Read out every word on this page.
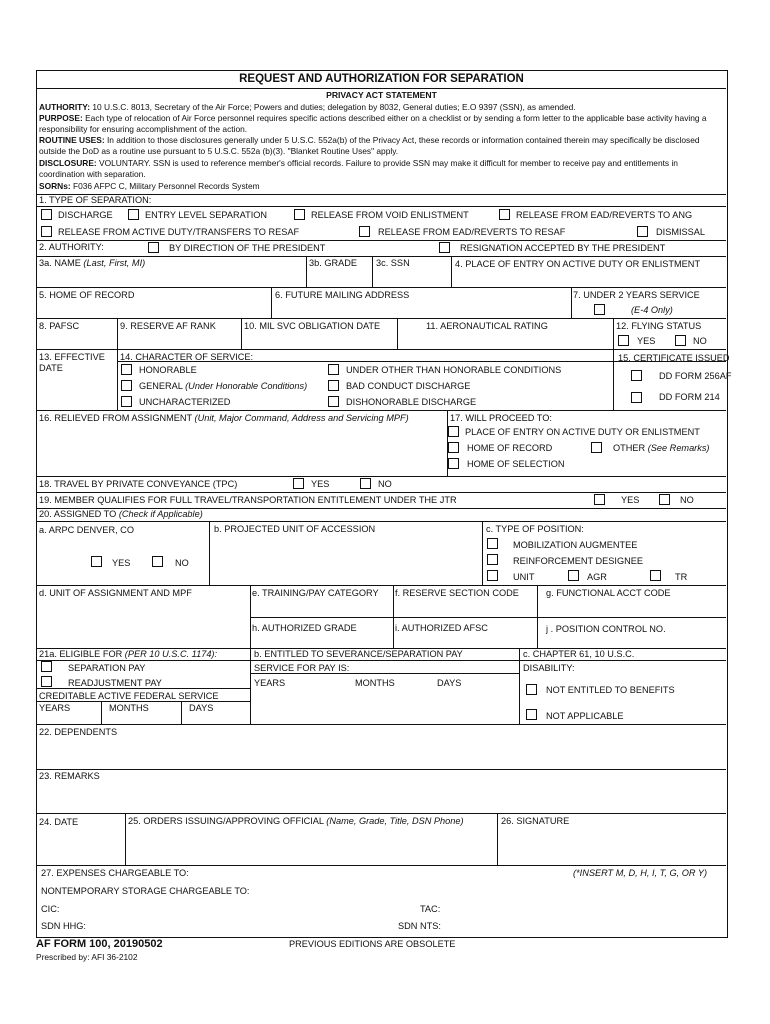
REQUEST AND AUTHORIZATION FOR SEPARATION
PRIVACY ACT STATEMENT
AUTHORITY: 10 U.S.C. 8013, Secretary of the Air Force; Powers and duties; delegation by 8032, General duties; E.O 9397 (SSN), as amended.
PURPOSE: Each type of relocation of Air Force personnel requires specific actions described either on a checklist or by sending a form letter to the applicable base activity having a responsibility for ensuring accomplishment of the action.
ROUTINE USES: In addition to those disclosures generally under 5 U.S.C. 552a(b) of the Privacy Act, these records or information contained therein may specifically be disclosed outside the DoD as a routine use pursuant to 5 U.S.C. 552a (b)(3). "Blanket Routine Uses" apply.
DISCLOSURE: VOLUNTARY. SSN is used to reference member's official records. Failure to provide SSN may make it difficult for member to receive pay and entitlements in coordination with separation.
SORNs: F036 AFPC C, Military Personnel Records System
1. TYPE OF SEPARATION:
DISCHARGE	ENTRY LEVEL SEPARATION	RELEASE FROM VOID ENLISTMENT	RELEASE FROM EAD/REVERTS TO ANG
RELEASE FROM ACTIVE DUTY/TRANSFERS TO RESAF	RELEASE FROM EAD/REVERTS TO RESAF	DISMISSAL
2. AUTHORITY:	BY DIRECTION OF THE PRESIDENT	RESIGNATION ACCEPTED BY THE PRESIDENT
3a. NAME (Last, First, MI)	3b. GRADE 3c. SSN	4. PLACE OF ENTRY ON ACTIVE DUTY OR ENLISTMENT
5. HOME OF RECORD	6. FUTURE MAILING ADDRESS	7. UNDER 2 YEARS SERVICE
(E-4 Only)
8. PAFSC	9. RESERVE AF RANK	10. MIL SVC OBLIGATION DATE	11. AERONAUTICAL RATING	12. FLYING STATUS
YES	NO
13. EFFECTIVE
DATE
14. CHARACTER OF SERVICE:
HONORABLE
GENERAL (Under Honorable Conditions)
UNCHARACTERIZED
UNDER OTHER THAN HONORABLE CONDITIONS
BAD CONDUCT DISCHARGE
DISHONORABLE DISCHARGE
15. CERTIFICATE ISSUED
DD FORM 256AF
DD FORM 214
16. RELIEVED FROM ASSIGNMENT (Unit, Major Command, Address and Servicing MPF)	17. WILL PROCEED TO:
PLACE OF ENTRY ON ACTIVE DUTY OR ENLISTMENT
HOME OF RECORD	OTHER (See Remarks)
HOME OF SELECTION
18. TRAVEL BY PRIVATE CONVEYANCE (TPC)	YES	NO
19. MEMBER QUALIFIES FOR FULL TRAVEL/TRANSPORTATION ENTITLEMENT UNDER THE JTR	YES	NO
20. ASSIGNED TO (Check if Applicable)
a. ARPC DENVER, CO
YES	NO
b. PROJECTED UNIT OF ACCESSION	c. TYPE OF POSITION:
MOBILIZATION AUGMENTEE
REINFORCEMENT DESIGNEE
UNIT	AGR	TR
d. UNIT OF ASSIGNMENT AND MPF	e. TRAINING/PAY CATEGORY f. RESERVE SECTION CODE	g. FUNCTIONAL ACCT CODE
h. AUTHORIZED GRADE	i. AUTHORIZED AFSC	j . POSITION CONTROL NO.
21a. ELIGIBLE FOR (PER 10 U.S.C. 1174):
SEPARATION PAY
READJUSTMENT PAY
CREDITABLE ACTIVE FEDERAL SERVICE
YEARS	MONTHS	DAYS
b. ENTITLED TO SEVERANCE/SEPARATION PAY
SERVICE FOR PAY IS:
YEARS	MONTHS	DAYS
c. CHAPTER 61, 10 U.S.C.
DISABILITY:
NOT ENTITLED TO BENEFITS
NOT APPLICABLE
22. DEPENDENTS
23. REMARKS
24. DATE	25. ORDERS ISSUING/APPROVING OFFICIAL (Name, Grade, Title, DSN Phone)	26. SIGNATURE
27. EXPENSES CHARGEABLE TO:	(*INSERT M, D, H, I, T, G, OR Y)
NONTEMPORARY STORAGE CHARGEABLE TO:
CIC:	TAC:
SDN HHG:	SDN NTS:
AF FORM 100, 20190502	PREVIOUS EDITIONS ARE OBSOLETE
Prescribed by: AFI 36-2102
